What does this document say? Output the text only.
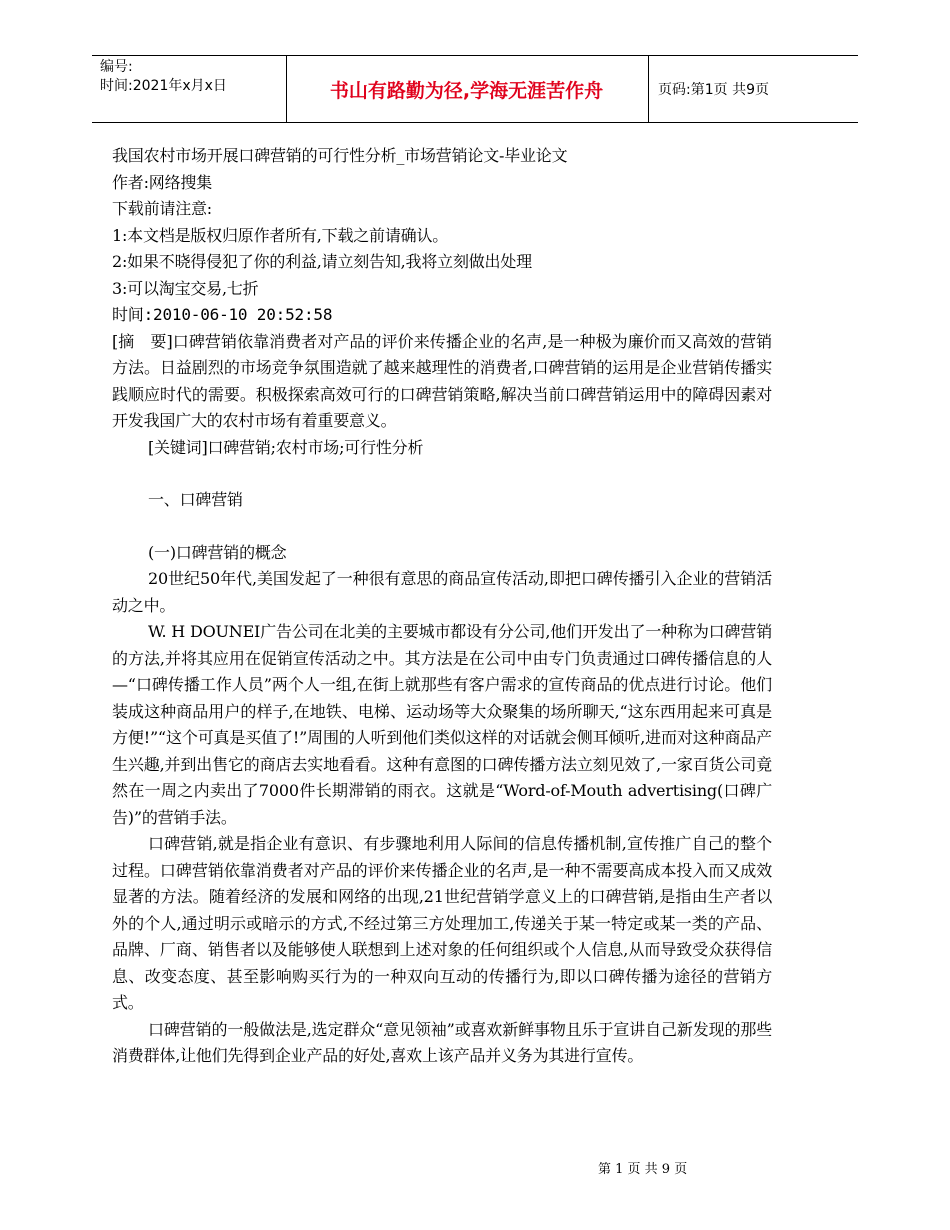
编号:
时间:2021年x月x日	书山有路勤为径,学海无涯苦作舟	页码:第1页 共9页

我国农村市场开展口碑营销的可行性分析_市场营销论文-毕业论文

作者:网络搜集

下载前请注意:

1:本文档是版权归原作者所有,下载之前请确认。

2:如果不晓得侵犯了你的利益,请立刻告知,我将立刻做出处理

3:可以淘宝交易,七折

时间:2010-06-10 20:52:58

[摘　要]口碑营销依靠消费者对产品的评价来传播企业的名声,是一种极为廉价而又高效的营销方法。日益剧烈的市场竞争氛围造就了越来越理性的消费者,口碑营销的运用是企业营销传播实践顺应时代的需要。积极探索高效可行的口碑营销策略,解决当前口碑营销运用中的障碍因素对开发我国广大的农村市场有着重要意义。

[关键词]口碑营销;农村市场;可行性分析

一、口碑营销

(一)口碑营销的概念

20世纪50年代,美国发起了一种很有意思的商品宣传活动,即把口碑传播引入企业的营销活动之中。

W. H DOUNEI广告公司在北美的主要城市都设有分公司,他们开发出了一种称为口碑营销的方法,并将其应用在促销宣传活动之中。其方法是在公司中由专门负责通过口碑传播信息的人—“口碑传播工作人员”两个人一组,在街上就那些有客户需求的宣传商品的优点进行讨论。他们装成这种商品用户的样子,在地铁、电梯、运动场等大众聚集的场所聊天,“这东西用起来可真是方便!”“这个可真是买值了!”周围的人听到他们类似这样的对话就会侧耳倾听,进而对这种商品产生兴趣,并到出售它的商店去实地看看。这种有意图的口碑传播方法立刻见效了,一家百货公司竟然在一周之内卖出了7000件长期滞销的雨衣。这就是“Word-of-Mouth advertising(口碑广告)”的营销手法。

口碑营销,就是指企业有意识、有步骤地利用人际间的信息传播机制,宣传推广自己的整个过程。口碑营销依靠消费者对产品的评价来传播企业的名声,是一种不需要高成本投入而又成效显著的方法。随着经济的发展和网络的出现,21世纪营销学意义上的口碑营销,是指由生产者以外的个人,通过明示或暗示的方式,不经过第三方处理加工,传递关于某一特定或某一类的产品、品牌、厂商、销售者以及能够使人联想到上述对象的任何组织或个人信息,从而导致受众获得信息、改变态度、甚至影响购买行为的一种双向互动的传播行为,即以口碑传播为途径的营销方式。

口碑营销的一般做法是,选定群众“意见领袖”或喜欢新鲜事物且乐于宣讲自己新发现的那些消费群体,让他们先得到企业产品的好处,喜欢上该产品并义务为其进行宣传。

第 1 页 共 9 页
